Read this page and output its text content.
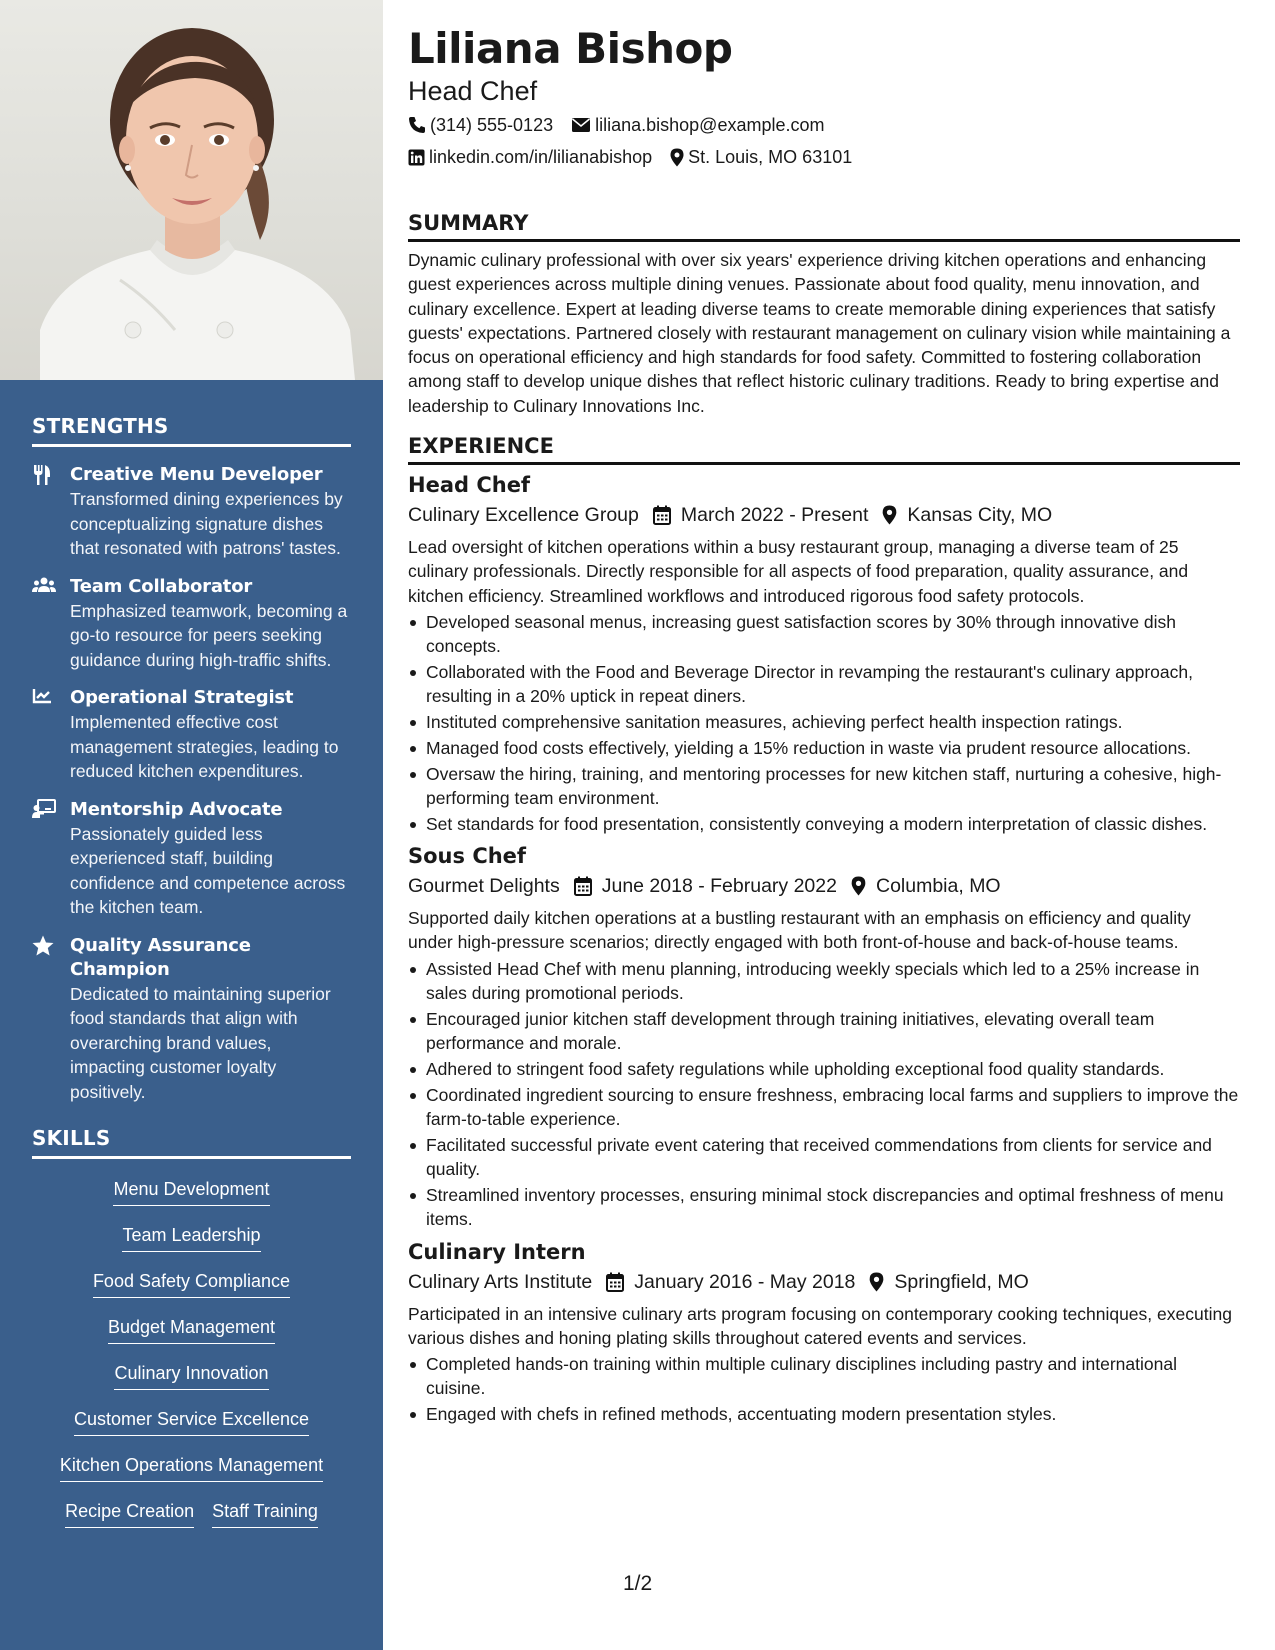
STRENGTHS
Creative Menu Developer
Transformed dining experiences by conceptualizing signature dishes that resonated with patrons' tastes.
Team Collaborator
Emphasized teamwork, becoming a go-to resource for peers seeking guidance during high-traffic shifts.
Operational Strategist
Implemented effective cost management strategies, leading to reduced kitchen expenditures.
Mentorship Advocate
Passionately guided less experienced staff, building confidence and competence across the kitchen team.
Quality Assurance Champion
Dedicated to maintaining superior food standards that align with overarching brand values, impacting customer loyalty positively.
SKILLS
Menu Development
Team Leadership
Food Safety Compliance
Budget Management
Culinary Innovation
Customer Service Excellence
Kitchen Operations Management
Recipe Creation Staff Training
Liliana Bishop
Head Chef
(314) 555-0123 liliana.bishop@example.com
linkedin.com/in/lilianabishop St. Louis, MO 63101
SUMMARY

Dynamic culinary professional with over six years' experience driving kitchen operations and enhancing guest experiences across multiple dining venues. Passionate about food quality, menu innovation, and culinary excellence. Expert at leading diverse teams to create memorable dining experiences that satisfy guests' expectations. Partnered closely with restaurant management on culinary vision while maintaining a focus on operational efficiency and high standards for food safety. Committed to fostering collaboration among staff to develop unique dishes that reflect historic culinary traditions. Ready to bring expertise and leadership to Culinary Innovations Inc.

EXPERIENCE
Head Chef
Culinary Excellence Group March 2022 - Present Kansas City, MO

Lead oversight of kitchen operations within a busy restaurant group, managing a diverse team of 25 culinary professionals. Directly responsible for all aspects of food preparation, quality assurance, and kitchen efficiency. Streamlined workflows and introduced rigorous food safety protocols.

Developed seasonal menus, increasing guest satisfaction scores by 30% through innovative dish concepts.
Collaborated with the Food and Beverage Director in revamping the restaurant's culinary approach, resulting in a 20% uptick in repeat diners.
Instituted comprehensive sanitation measures, achieving perfect health inspection ratings.
Managed food costs effectively, yielding a 15% reduction in waste via prudent resource allocations.
Oversaw the hiring, training, and mentoring processes for new kitchen staff, nurturing a cohesive, high-performing team environment.
Set standards for food presentation, consistently conveying a modern interpretation of classic dishes.
Sous Chef
Gourmet Delights June 2018 - February 2022 Columbia, MO

Supported daily kitchen operations at a bustling restaurant with an emphasis on efficiency and quality under high-pressure scenarios; directly engaged with both front-of-house and back-of-house teams.

Assisted Head Chef with menu planning, introducing weekly specials which led to a 25% increase in sales during promotional periods.
Encouraged junior kitchen staff development through training initiatives, elevating overall team performance and morale.
Adhered to stringent food safety regulations while upholding exceptional food quality standards.
Coordinated ingredient sourcing to ensure freshness, embracing local farms and suppliers to improve the farm-to-table experience.
Facilitated successful private event catering that received commendations from clients for service and quality.
Streamlined inventory processes, ensuring minimal stock discrepancies and optimal freshness of menu items.
Culinary Intern
Culinary Arts Institute January 2016 - May 2018 Springfield, MO

Participated in an intensive culinary arts program focusing on contemporary cooking techniques, executing various dishes and honing plating skills throughout catered events and services.

Completed hands-on training within multiple culinary disciplines including pastry and international cuisine.
Engaged with chefs in refined methods, accentuating modern presentation styles.
1/2
